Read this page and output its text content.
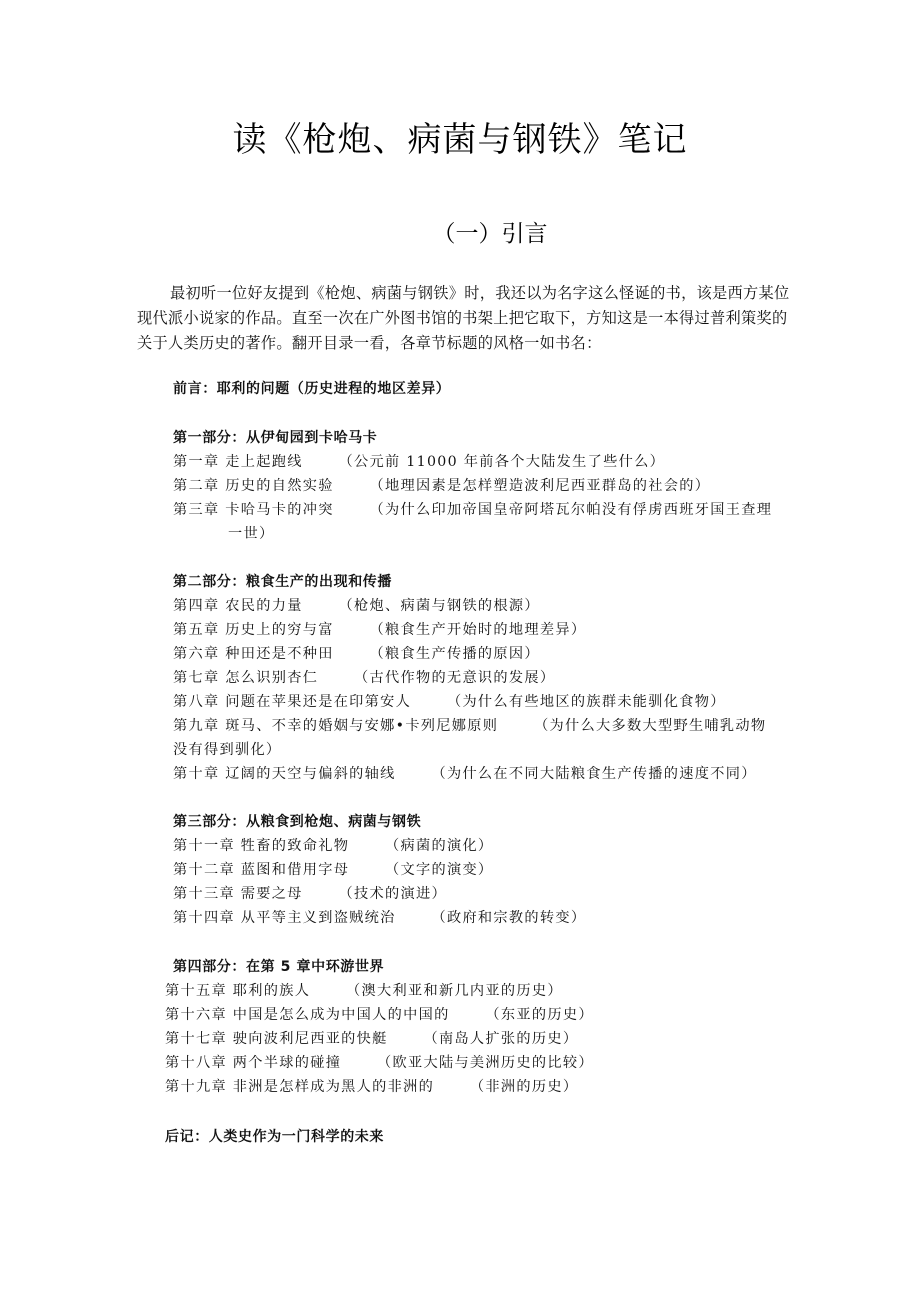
读《枪炮、病菌与钢铁》笔记
（一）引言
最初听一位好友提到《枪炮、病菌与钢铁》时，我还以为名字这么怪诞的书，该是西方某位现代派小说家的作品。直至一次在广外图书馆的书架上把它取下，方知这是一本得过普利策奖的关于人类历史的著作。翻开目录一看，各章节标题的风格一如书名：
前言：耶利的问题（历史进程的地区差异）
第一部分：从伊甸园到卡哈马卡
第一章 走上起跑线	（公元前 11000 年前各个大陆发生了些什么）
第二章 历史的自然实验	（地理因素是怎样塑造波利尼西亚群岛的社会的）
第三章 卡哈马卡的冲突	（为什么印加帝国皇帝阿塔瓦尔帕没有俘虏西班牙国王查理
一世）
第二部分：粮食生产的出现和传播
第四章 农民的力量	（枪炮、病菌与钢铁的根源）
第五章 历史上的穷与富	（粮食生产开始时的地理差异）
第六章 种田还是不种田	（粮食生产传播的原因）
第七章 怎么识别杏仁	（古代作物的无意识的发展）
第八章 问题在苹果还是在印第安人	（为什么有些地区的族群未能驯化食物）
第九章 斑马、不幸的婚姻与安娜•卡列尼娜原则	（为什么大多数大型野生哺乳动物
没有得到驯化）
第十章 辽阔的天空与偏斜的轴线	（为什么在不同大陆粮食生产传播的速度不同）
第三部分：从粮食到枪炮、病菌与钢铁
第十一章 牲畜的致命礼物	（病菌的演化）
第十二章 蓝图和借用字母	（文字的演变）
第十三章 需要之母	（技术的演进）
第十四章 从平等主义到盗贼统治	（政府和宗教的转变）
第四部分：在第 5 章中环游世界
第十五章 耶利的族人	（澳大利亚和新几内亚的历史）
第十六章 中国是怎么成为中国人的中国的	（东亚的历史）
第十七章 驶向波利尼西亚的快艇	（南岛人扩张的历史）
第十八章 两个半球的碰撞	（欧亚大陆与美洲历史的比较）
第十九章 非洲是怎样成为黑人的非洲的	（非洲的历史）
后记：人类史作为一门科学的未来
